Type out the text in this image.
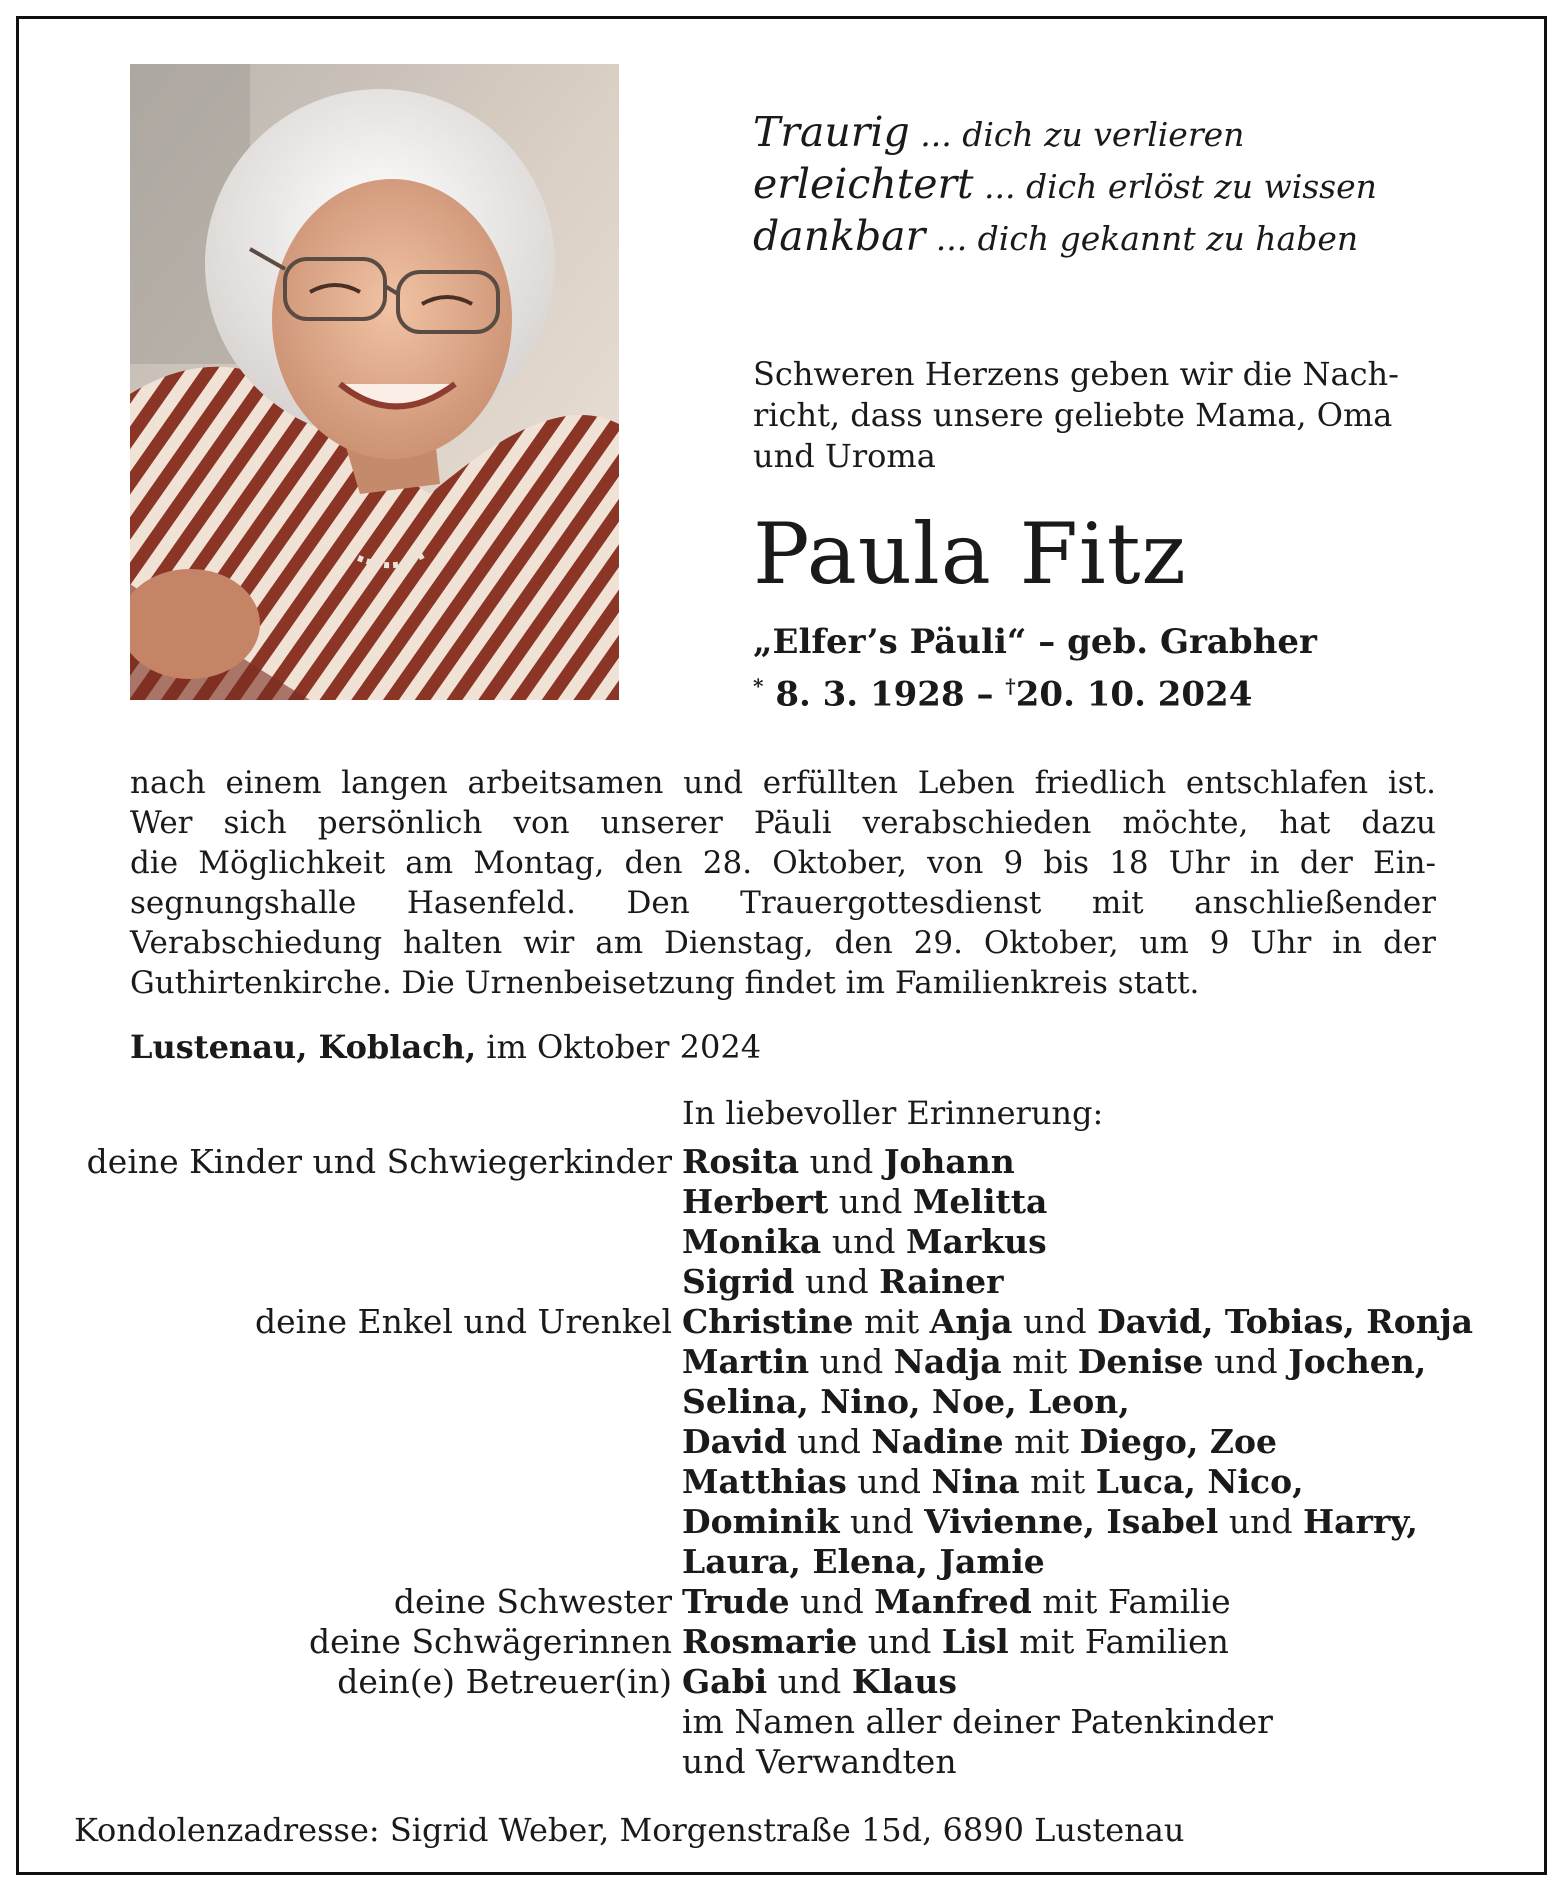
Traurig ... dich zu verlieren
erleichtert ... dich erlöst zu wissen
dankbar ... dich gekannt zu haben
Schweren Herzens geben wir die Nach-
richt, dass unsere geliebte Mama, Oma
und Uroma
Paula Fitz
„Elfer’s Päuli“ – geb. Grabher
* 8. 3. 1928 – †20. 10. 2024
nach einem langen arbeitsamen und erfüllten Leben friedlich entschlafen ist.
Wer sich persönlich von unserer Päuli verabschieden möchte, hat dazu
die Möglichkeit am Montag, den 28. Oktober, von 9 bis 18 Uhr in der Ein-
segnungshalle Hasenfeld. Den Trauergottesdienst mit anschließender
Verabschiedung halten wir am Dienstag, den 29. Oktober, um 9 Uhr in der
Guthirtenkirche. Die Urnenbeisetzung findet im Familienkreis statt.
Lustenau, Koblach, im Oktober 2024
In liebevoller Erinnerung:
deine Kinder und Schwiegerkinder Rosita und Johann
Herbert und Melitta
Monika und Markus
Sigrid und Rainer
deine Enkel und Urenkel Christine mit Anja und David, Tobias, Ronja
Martin und Nadja mit Denise und Jochen,
Selina, Nino, Noe, Leon,
David und Nadine mit Diego, Zoe
Matthias und Nina mit Luca, Nico,
Dominik und Vivienne, Isabel und Harry,
Laura, Elena, Jamie
deine Schwester Trude und Manfred mit Familie
deine Schwägerinnen Rosmarie und Lisl mit Familien
dein(e) Betreuer(in) Gabi und Klaus
im Namen aller deiner Patenkinder
und Verwandten
Kondolenzadresse: Sigrid Weber, Morgenstraße 15d, 6890 Lustenau
